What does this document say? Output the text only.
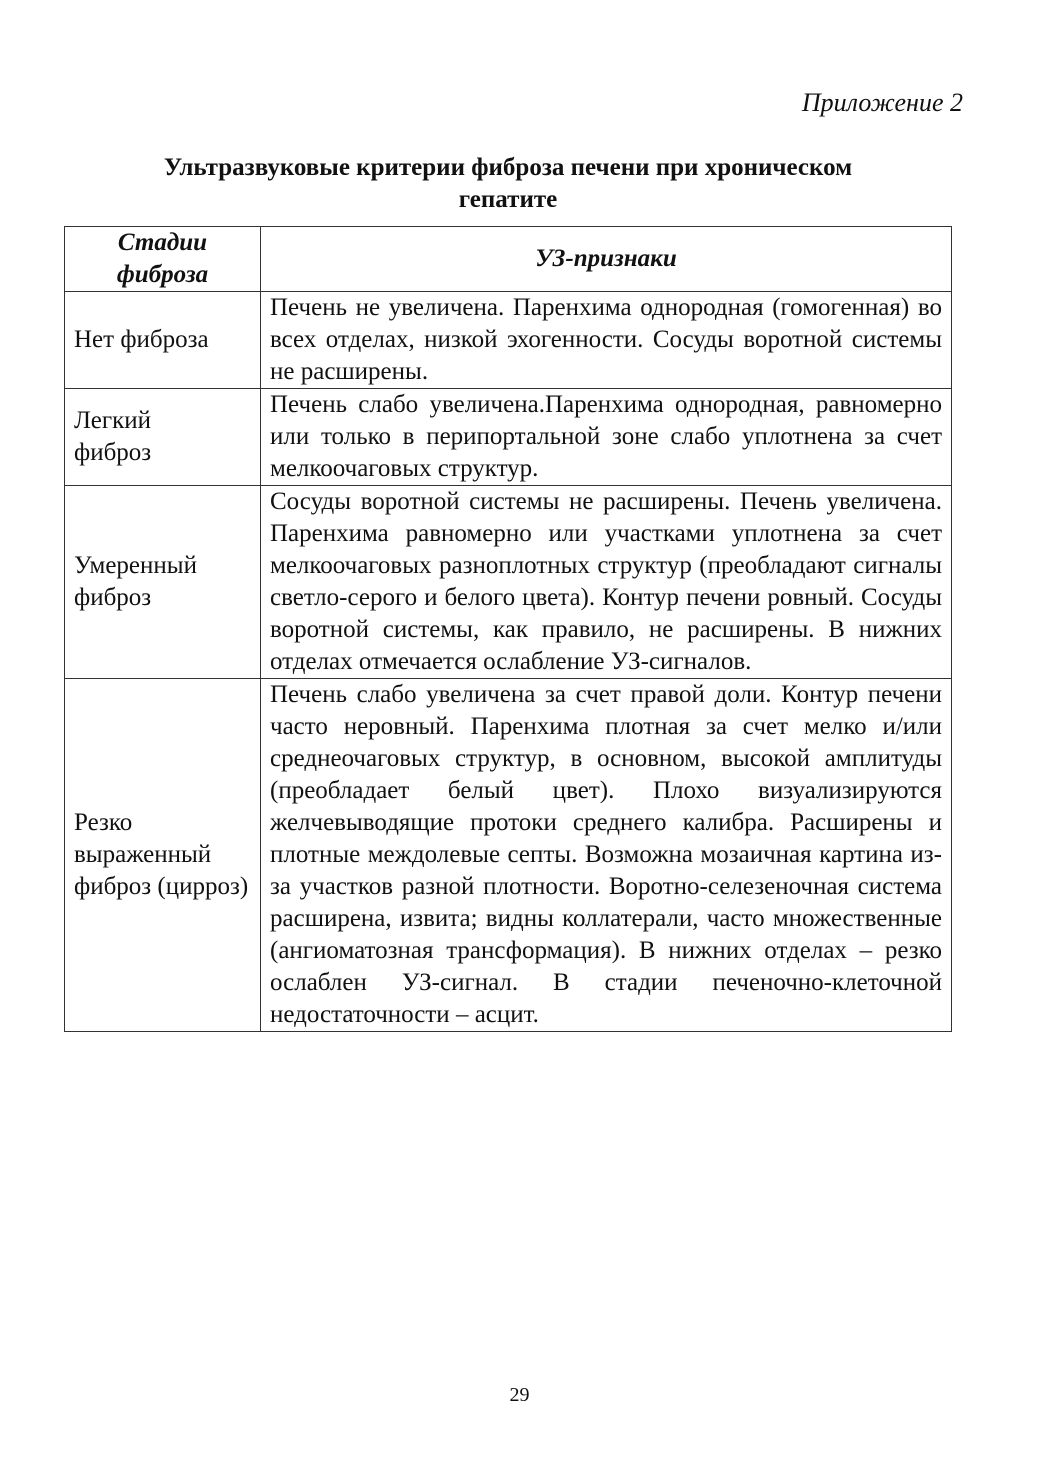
Приложение 2
Ультразвуковые критерии фиброза печени при хроническом
гепатите
Стадии фиброза	УЗ-признаки
Нет фиброза	Печень не увеличена. Паренхима однородная (гомогенная) во всех отделах, низкой эхогенности. Сосуды воротной системы не расширены.
Легкий фиброз	Печень слабо увеличена.Паренхима однородная, равномерно или только в перипортальной зоне слабо уплотнена за счет мелкоочаговых структур.
Умеренный фиброз	Сосуды воротной системы не расширены. Печень увеличена. Паренхима равномерно или участками уплотнена за счет мелкоочаговых разноплотных структур (преобладают сигналы светло-серого и белого цвета). Контур печени ровный. Сосуды воротной системы, как правило, не расширены. В нижних отделах отмечается ослабление УЗ-сигналов.
Резко выраженный фиброз (цирроз)	Печень слабо увеличена за счет правой доли. Контур печени часто неровный. Паренхима плотная за счет мелко и/или среднеочаговых структур, в основном, высокой амплитуды (преобладает белый цвет). Плохо визуализируются желчевыводящие протоки среднего калибра. Расширены и плотные междолевые септы. Возможна мозаичная картина из-за участков разной плотности. Воротно-селезеночная система расширена, извита; видны коллатерали, часто множественные (ангиоматозная трансформация). В нижних отделах – резко ослаблен УЗ-сигнал. В стадии печеночно-клеточной недостаточности – асцит.
29
